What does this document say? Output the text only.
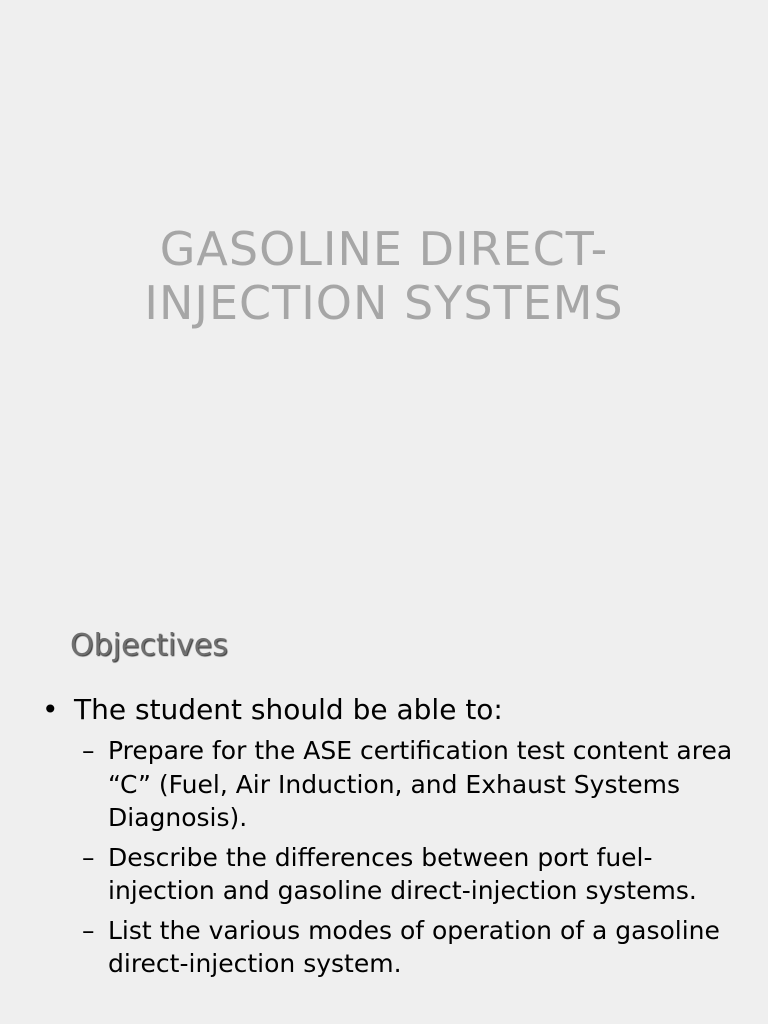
GASOLINE DIRECT-
INJECTION SYSTEMS
Objectives
• The student should be able to:
– Prepare for the ASE certification test content area “C” (Fuel, Air Induction, and Exhaust Systems Diagnosis).
– Describe the differences between port fuel-injection and gasoline direct-injection systems.
– List the various modes of operation of a gasoline direct-injection system.
